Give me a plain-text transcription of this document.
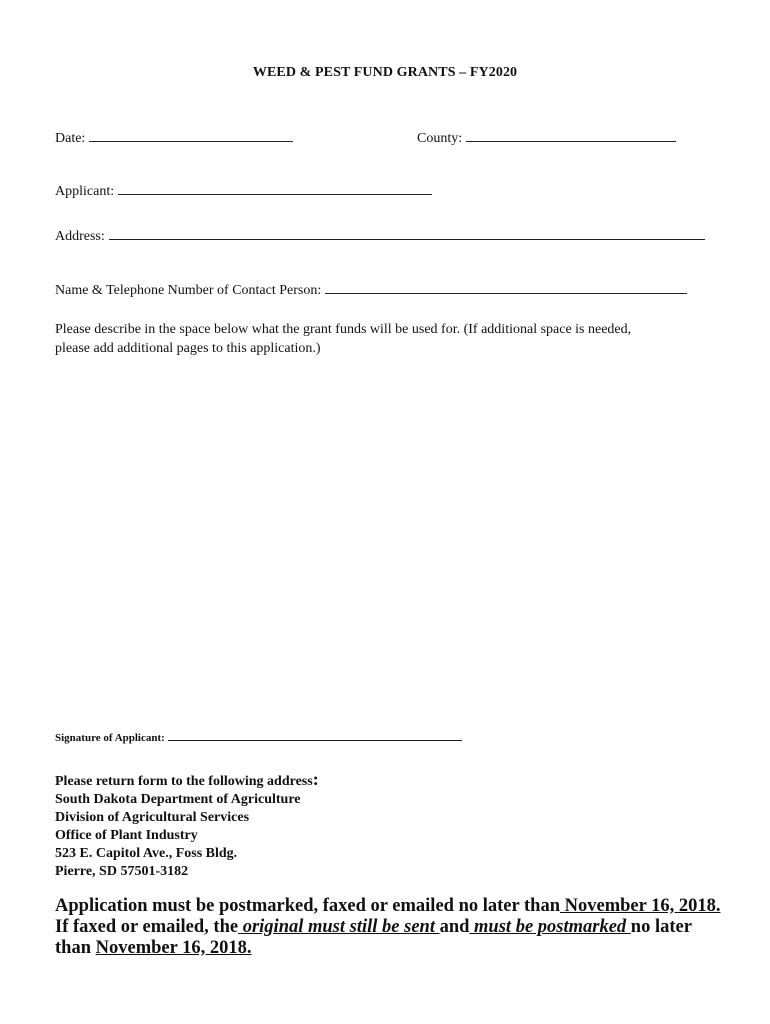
WEED & PEST FUND GRANTS – FY2020
Date:	County:
Applicant:
Address:
Name & Telephone Number of Contact Person:
Please describe in the space below what the grant funds will be used for. (If additional space is needed,
please add additional pages to this application.)
Signature of Applicant:
Please return form to the following address:
South Dakota Department of Agriculture
Division of Agricultural Services
Office of Plant Industry
523 E. Capitol Ave., Foss Bldg.
Pierre, SD 57501-3182
Application must be postmarked, faxed or emailed no later than November 16, 2018. If faxed or emailed, the original must still be sent and must be postmarked no later than November 16, 2018.
